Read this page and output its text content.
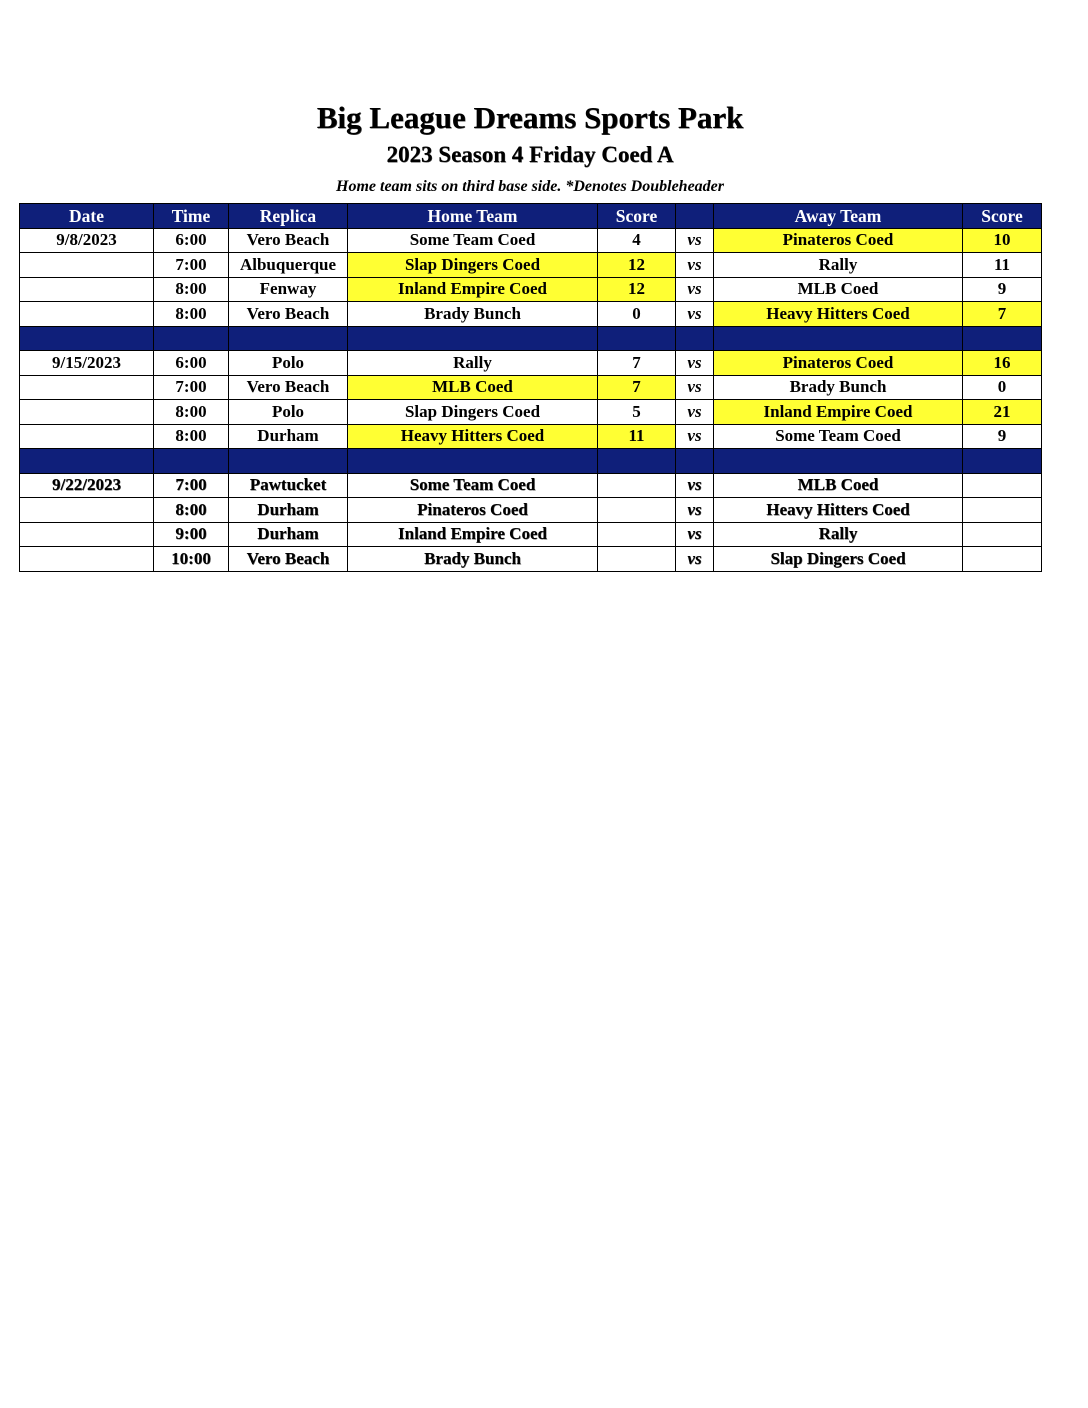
Big League Dreams Sports Park
2023 Season 4 Friday Coed A
Home team sits on third base side. *Denotes Doubleheader
Date	Time	Replica	Home Team	Score		Away Team	Score
9/8/2023	6:00	Vero Beach	Some Team Coed	4	vs	Pinateros Coed	10
	7:00	Albuquerque	Slap Dingers Coed	12	vs	Rally	11
	8:00	Fenway	Inland Empire Coed	12	vs	MLB Coed	9
	8:00	Vero Beach	Brady Bunch	0	vs	Heavy Hitters Coed	7

9/15/2023	6:00	Polo	Rally	7	vs	Pinateros Coed	16
	7:00	Vero Beach	MLB Coed	7	vs	Brady Bunch	0
	8:00	Polo	Slap Dingers Coed	5	vs	Inland Empire Coed	21
	8:00	Durham	Heavy Hitters Coed	11	vs	Some Team Coed	9

9/22/2023	7:00	Pawtucket	Some Team Coed		vs	MLB Coed	
	8:00	Durham	Pinateros Coed		vs	Heavy Hitters Coed	
	9:00	Durham	Inland Empire Coed		vs	Rally	
	10:00	Vero Beach	Brady Bunch		vs	Slap Dingers Coed	
